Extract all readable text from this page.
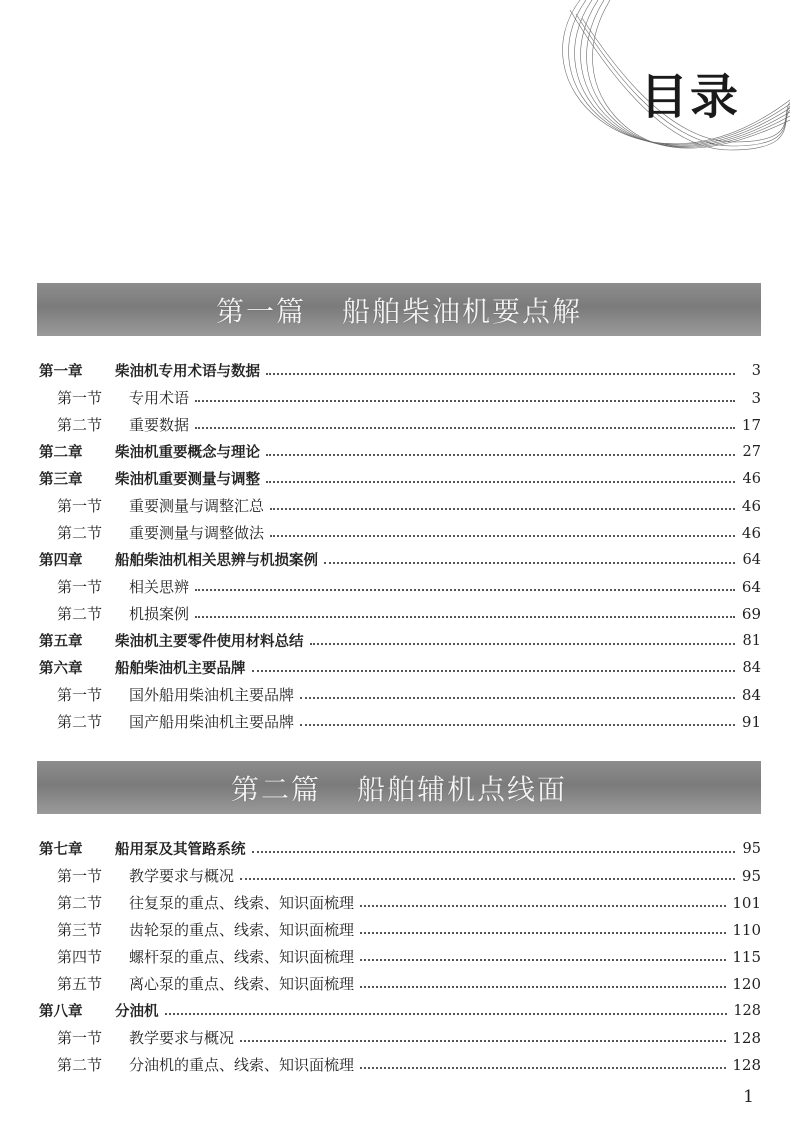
目录
第一篇 船舶柴油机要点解
第一章	柴油机专用术语与数据	3
第一节	专用术语	3
第二节	重要数据	17
第二章	柴油机重要概念与理论	27
第三章	柴油机重要测量与调整	46
第一节	重要测量与调整汇总	46
第二节	重要测量与调整做法	46
第四章	船舶柴油机相关思辨与机损案例	64
第一节	相关思辨	64
第二节	机损案例	69
第五章	柴油机主要零件使用材料总结	81
第六章	船舶柴油机主要品牌	84
第一节	国外船用柴油机主要品牌	84
第二节	国产船用柴油机主要品牌	91
第二篇 船舶辅机点线面
第七章	船用泵及其管路系统	95
第一节	教学要求与概况	95
第二节	往复泵的重点、线索、知识面梳理	101
第三节	齿轮泵的重点、线索、知识面梳理	110
第四节	螺杆泵的重点、线索、知识面梳理	115
第五节	离心泵的重点、线索、知识面梳理	120
第八章	分油机	128
第一节	教学要求与概况	128
第二节	分油机的重点、线索、知识面梳理	128
1
